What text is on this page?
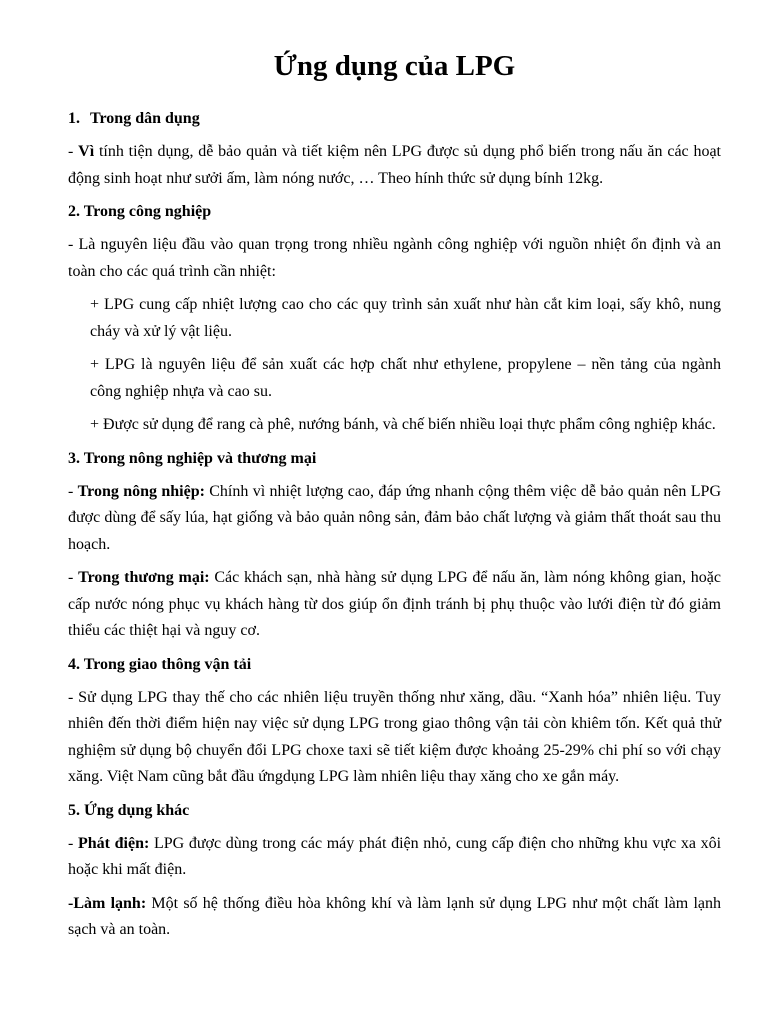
Ứng dụng của LPG
1. Trong dân dụng

- Vì tính tiện dụng, dễ bảo quản và tiết kiệm nên LPG được sủ dụng phổ biến trong nấu ăn các hoạt động sinh hoạt như sưởi ấm, làm nóng nước, … Theo hính thức sử dụng bính 12kg.

2. Trong công nghiệp

- Là nguyên liệu đầu vào quan trọng trong nhiều ngành công nghiệp với nguồn nhiệt ổn định và an toàn cho các quá trình cần nhiệt:

+ LPG cung cấp nhiệt lượng cao cho các quy trình sản xuất như hàn cắt kim loại, sấy khô, nung cháy và xử lý vật liệu.

+ LPG là nguyên liệu để sản xuất các hợp chất như ethylene, propylene – nền tảng của ngành công nghiệp nhựa và cao su.

+ Được sử dụng để rang cà phê, nướng bánh, và chế biến nhiều loại thực phẩm công nghiệp khác.

3. Trong nông nghiệp và thương mại

- Trong nông nhiệp: Chính vì nhiệt lượng cao, đáp ứng nhanh cộng thêm việc dễ bảo quản nên LPG được dùng để sấy lúa, hạt giống và bảo quản nông sản, đảm bảo chất lượng và giảm thất thoát sau thu hoạch.

- Trong thương mại: Các khách sạn, nhà hàng sử dụng LPG để nấu ăn, làm nóng không gian, hoặc cấp nước nóng phục vụ khách hàng từ dos giúp ổn định tránh bị phụ thuộc vào lưới điện từ đó giảm thiểu các thiệt hại và nguy cơ.

4. Trong giao thông vận tải

- Sử dụng LPG thay thế cho các nhiên liệu truyền thống như xăng, dầu. “Xanh hóa” nhiên liệu. Tuy nhiên đến thời điểm hiện nay việc sử dụng LPG trong giao thông vận tải còn khiêm tốn. Kết quả thử nghiệm sử dụng bộ chuyển đổi LPG choxe taxi sẽ tiết kiệm được khoảng 25-29% chi phí so với chạy xăng. Việt Nam cũng bắt đầu ứngdụng LPG làm nhiên liệu thay xăng cho xe gắn máy.

5. Ứng dụng khác

- Phát điện: LPG được dùng trong các máy phát điện nhỏ, cung cấp điện cho những khu vực xa xôi hoặc khi mất điện.

-Làm lạnh: Một số hệ thống điều hòa không khí và làm lạnh sử dụng LPG như một chất làm lạnh sạch và an toàn.
